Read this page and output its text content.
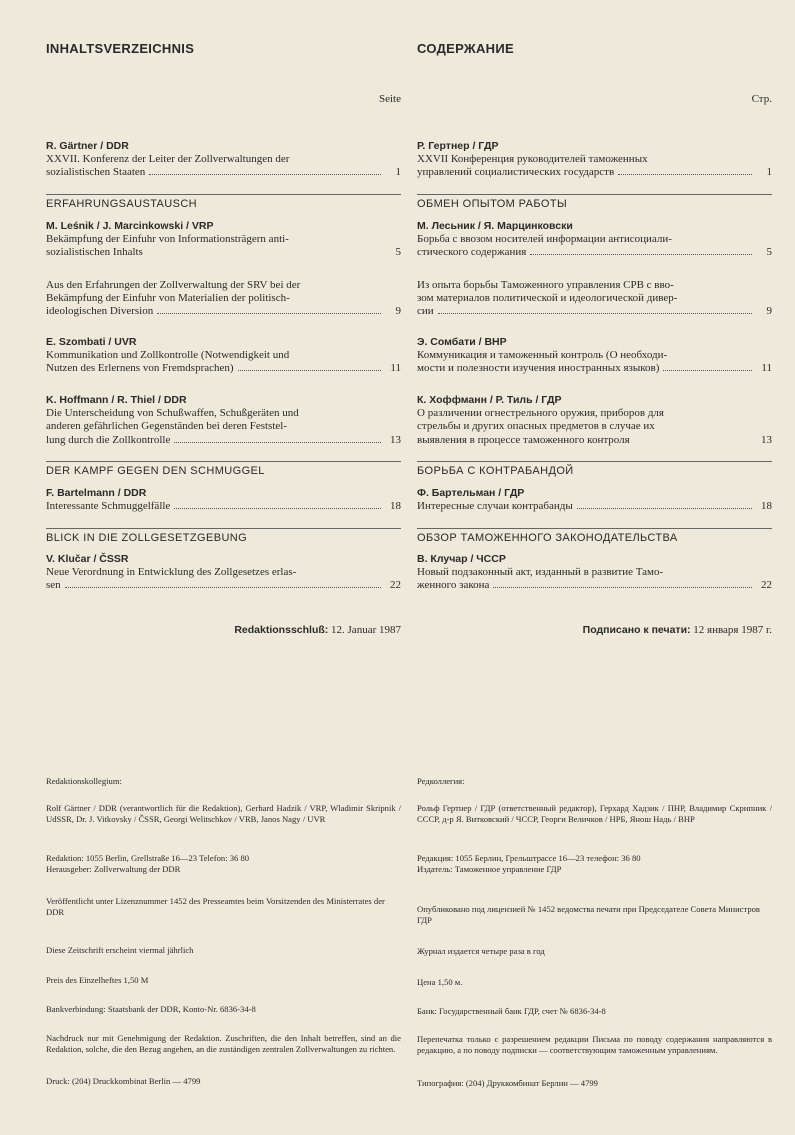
INHALTSVERZEICHNIS
Seite
R. Gärtner / DDR
XXVII. Konferenz der Leiter der Zollverwaltungen der
sozialistischen Staaten	1
ERFAHRUNGSAUSTAUSCH
M. Leśnik / J. Marcinkowski / VRP
Bekämpfung der Einfuhr von Informationsträgern anti-
sozialistischen Inhalts	5
Aus den Erfahrungen der Zollverwaltung der SRV bei der
Bekämpfung der Einfuhr von Materialien der politisch-
ideologischen Diversion	9
E. Szombati / UVR
Kommunikation und Zollkontrolle (Notwendigkeit und
Nutzen des Erlernens von Fremdsprachen)	11
K. Hoffmann / R. Thiel / DDR
Die Unterscheidung von Schußwaffen, Schußgeräten und
anderen gefährlichen Gegenständen bei deren Feststel-
lung durch die Zollkontrolle	13
DER KAMPF GEGEN DEN SCHMUGGEL
F. Bartelmann / DDR
Interessante Schmuggelfälle	18
BLICK IN DIE ZOLLGESETZGEBUNG
V. Klučar / ČSSR
Neue Verordnung in Entwicklung des Zollgesetzes erlas-
sen	22
Redaktionsschluß: 12. Januar 1987
Redaktionskollegium:
Rolf Gärtner / DDR (verantwortlich für die Redaktion), Gerhard Hadzik / VRP, Wladimir Skripnik / UdSSR, Dr. J. Vitkovsky / ČSSR, Georgi Welitschkov / VRB, Janos Nagy / UVR
Redaktion: 1055 Berlin, Grellstraße 16—23 Telefon: 36 80 Herausgeber: Zollverwaltung der DDR
Veröffentlicht unter Lizenznummer 1452 des Presseamtes beim Vorsitzenden des Ministerrates der DDR
Diese Zeitschrift erscheint viermal jährlich
Preis des Einzelheftes 1,50 M
Bankverbindung: Staatsbank der DDR, Konto-Nr. 6836-34-8
Nachdruck nur mit Genehmigung der Redaktion. Zuschriften, die den Inhalt betreffen, sind an die Redaktion, solche, die den Bezug angehen, an die zuständigen zentralen Zollverwaltungen zu richten.
Druck: (204) Druckkombinat Berlin — 4799
СОДЕРЖАНИЕ
Стр.
Р. Гертнер / ГДР
XXVII Конференция руководителей таможенных
управлений социалистических государств	1
ОБМЕН ОПЫТОМ РАБОТЫ
М. Лесьник / Я. Марцинковски
Борьба с ввозом носителей информации антисоциали-
стического содержания	5
Из опыта борьбы Таможенного управления СРВ с вво-
зом материалов политической и идеологической дивер-
сии	9
Э. Сомбати / ВНР
Коммуникация и таможенный контроль (О необходи-
мости и полезности изучения иностранных языков)	11
К. Хоффманн / Р. Тиль / ГДР
О различении огнестрельного оружия, приборов для
стрельбы и других опасных предметов в случае их
выявления в процессе таможенного контроля	13
БОРЬБА С КОНТРАБАНДОЙ
Ф. Бартельман / ГДР
Интересные случаи контрабанды	18
ОБЗОР ТАМОЖЕННОГО ЗАКОНОДАТЕЛЬСТВА
В. Клучар / ЧССР
Новый подзаконный акт, изданный в развитие Тамо-
женного закона	22
Подписано к печати: 12 января 1987 г.
Редколлегия:
Рольф Гертнер / ГДР (ответственный редактор), Герхард Хадзик / ПНР, Владимир Скрипник / СССР, д-р Я. Витковский / ЧССР, Георги Величков / НРБ, Янош Надь / ВНР
Редакция: 1055 Берлин, Грельштрассе 16—23 телефон: 36 80 Издатель: Таможенное управление ГДР
Опубликовано под лицензией № 1452 ведомства печати при Председателе Совета Министров ГДР
Журнал издается четыре раза в год
Цена 1,50 м.
Банк: Государственный банк ГДР, счет № 6836-34-8
Перепечатка только с разрешением редакции Письма по поводу содержания направляются в редакцию, а по поводу подписки — соответствующим таможенным управлениям.
Типография: (204) Друккомбинат Берлин — 4799
